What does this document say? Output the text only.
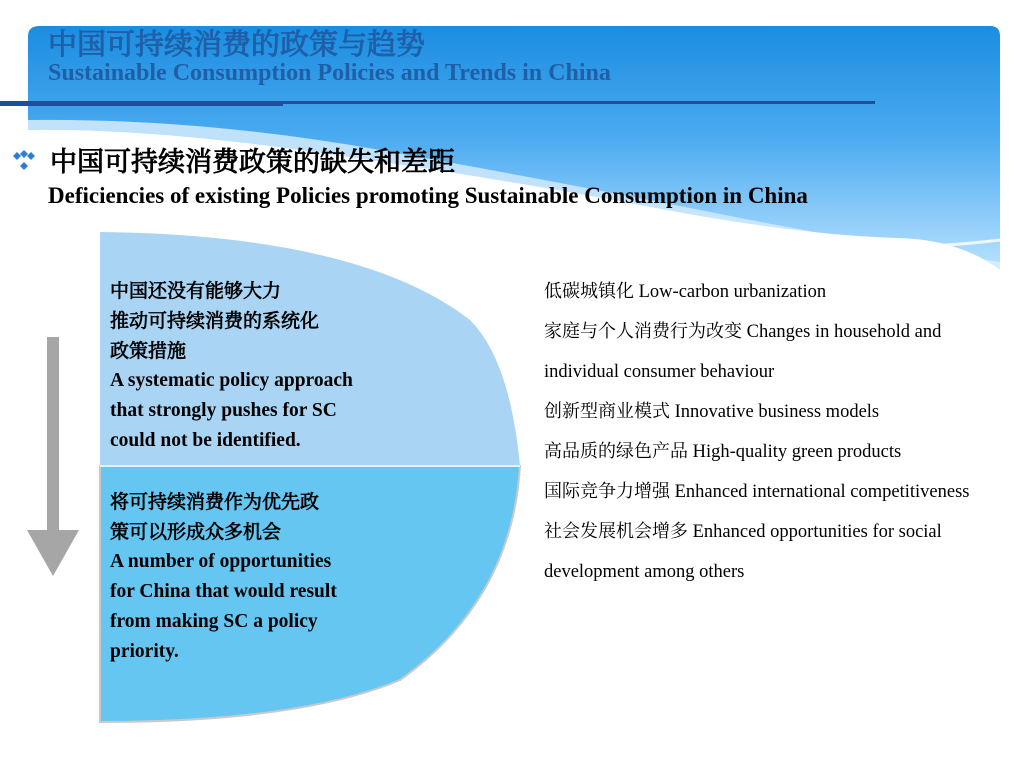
中国可持续消费的政策与趋势
Sustainable Consumption Policies and Trends in China
中国可持续消费政策的缺失和差距
Deficiencies of existing Policies promoting Sustainable Consumption in China
中国还没有能够大力
推动可持续消费的系统化
政策措施
A systematic policy approach
that strongly pushes for SC
could not be identified.
将可持续消费作为优先政
策可以形成众多机会
A number of opportunities
for China that would result
from making SC a policy
priority.
低碳城镇化 Low-carbon urbanization
家庭与个人消费行为改变 Changes in household and individual consumer behaviour
创新型商业模式 Innovative business models
高品质的绿色产品 High-quality green products
国际竞争力增强 Enhanced international competitiveness
社会发展机会增多 Enhanced opportunities for social development among others
